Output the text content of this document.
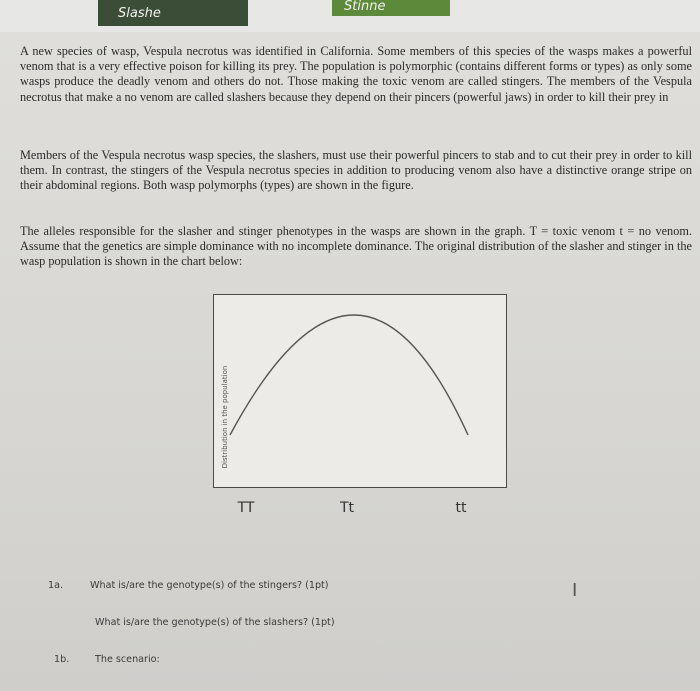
Slashe	Stinne

A new species of wasp, Vespula necrotus was identified in California. Some members of this species of the wasps makes a powerful venom that is a very effective poison for killing its prey. The population is polymorphic (contains different forms or types) as only some wasps produce the deadly venom and others do not. Those making the toxic venom are called stingers. The members of the Vespula necrotus that make a no venom are called slashers because they depend on their pincers (powerful jaws) in order to kill their prey in

Members of the Vespula necrotus wasp species, the slashers, must use their powerful pincers to stab and to cut their prey in order to kill them. In contrast, the stingers of the Vespula necrotus species in addition to producing venom also have a distinctive orange stripe on their abdominal regions. Both wasp polymorphs (types) are shown in the figure.

The alleles responsible for the slasher and stinger phenotypes in the wasps are shown in the graph. T = toxic venom t = no venom. Assume that the genetics are simple dominance with no incomplete dominance. The original distribution of the slasher and stinger in the wasp population is shown in the chart below:

Distribution in the population
TT	Tt	tt
1a.	What is/are the genotype(s) of the stingers? (1pt)
What is/are the genotype(s) of the slashers? (1pt)
1b.	The scenario:
I
